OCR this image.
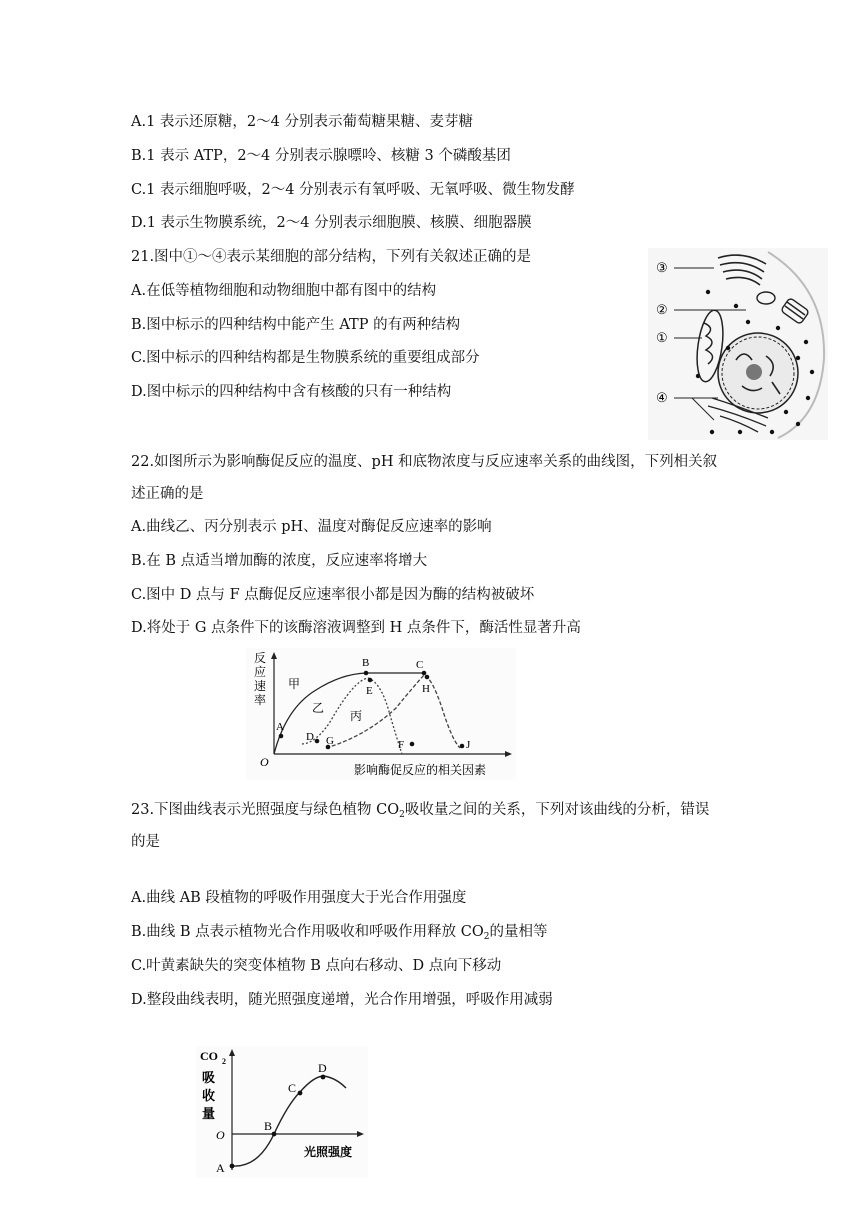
A.1 表示还原糖，2～4 分别表示葡萄糖果糖、麦芽糖
B.1 表示 ATP，2～4 分别表示腺嘌呤、核糖 3 个磷酸基团
C.1 表示细胞呼吸，2～4 分别表示有氧呼吸、无氧呼吸、微生物发酵
D.1 表示生物膜系统，2～4 分别表示细胞膜、核膜、细胞器膜
21.图中①～④表示某细胞的部分结构，下列有关叙述正确的是
A.在低等植物细胞和动物细胞中都有图中的结构
B.图中标示的四种结构中能产生 ATP 的有两种结构
C.图中标示的四种结构都是生物膜系统的重要组成部分
D.图中标示的四种结构中含有核酸的只有一种结构
③
②
①
④
22.如图所示为影响酶促反应的温度、pH 和底物浓度与反应速率关系的曲线图，下列相关叙
述正确的是
A.曲线乙、丙分别表示 pH、温度对酶促反应速率的影响
B.在 B 点适当增加酶的浓度，反应速率将增大
C.图中 D 点与 F 点酶促反应速率很小都是因为酶的结构被破坏
D.将处于 G 点条件下的该酶溶液调整到 H 点条件下，酶活性显著升高
反
应
速
率
O
影响酶促反应的相关因素
甲
乙
丙
A
B	C
D
E
F
G
H
J
23.下图曲线表示光照强度与绿色植物 $CO_2$吸收量之间的关系，下列对该曲线的分析，错误
的是
A.曲线 AB 段植物的呼吸作用强度大于光合作用强度
B.曲线 B 点表示植物光合作用吸收和呼吸作用释放 $CO_2$的量相等
C.叶黄素缺失的突变体植物 B 点向右移动、D 点向下移动
D.整段曲线表明，随光照强度递增，光合作用增强，呼吸作用减弱
CO 2
吸
收
量
O
光照强度
A
B
C
D
